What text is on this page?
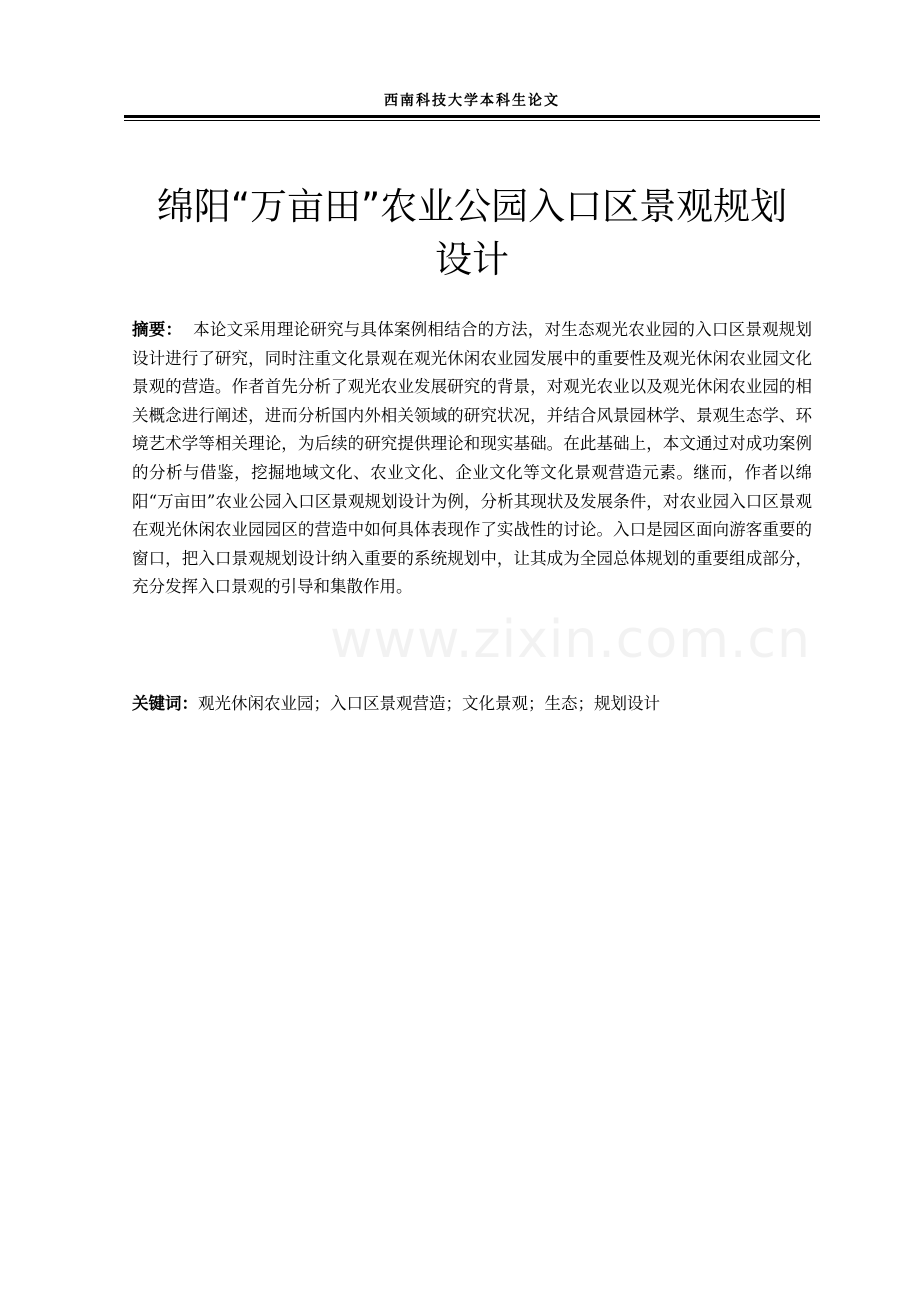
西南科技大学本科生论文
绵阳“万亩田”农业公园入口区景观规划
设计

摘要： 本论文采用理论研究与具体案例相结合的方法，对生态观光农业园的入口区景观规划设计进行了研究，同时注重文化景观在观光休闲农业园发展中的重要性及观光休闲农业园文化景观的营造。作者首先分析了观光农业发展研究的背景，对观光农业以及观光休闲农业园的相关概念进行阐述，进而分析国内外相关领域的研究状况，并结合风景园林学、景观生态学、环境艺术学等相关理论，为后续的研究提供理论和现实基础。在此基础上，本文通过对成功案例的分析与借鉴，挖掘地域文化、农业文化、企业文化等文化景观营造元素。继而，作者以绵阳“万亩田”农业公园入口区景观规划设计为例，分析其现状及发展条件，对农业园入口区景观在观光休闲农业园园区的营造中如何具体表现作了实战性的讨论。入口是园区面向游客重要的窗口，把入口景观规划设计纳入重要的系统规划中，让其成为全园总体规划的重要组成部分，充分发挥入口景观的引导和集散作用。

关键词：观光休闲农业园；入口区景观营造；文化景观；生态；规划设计

www.zixin.com.cn
